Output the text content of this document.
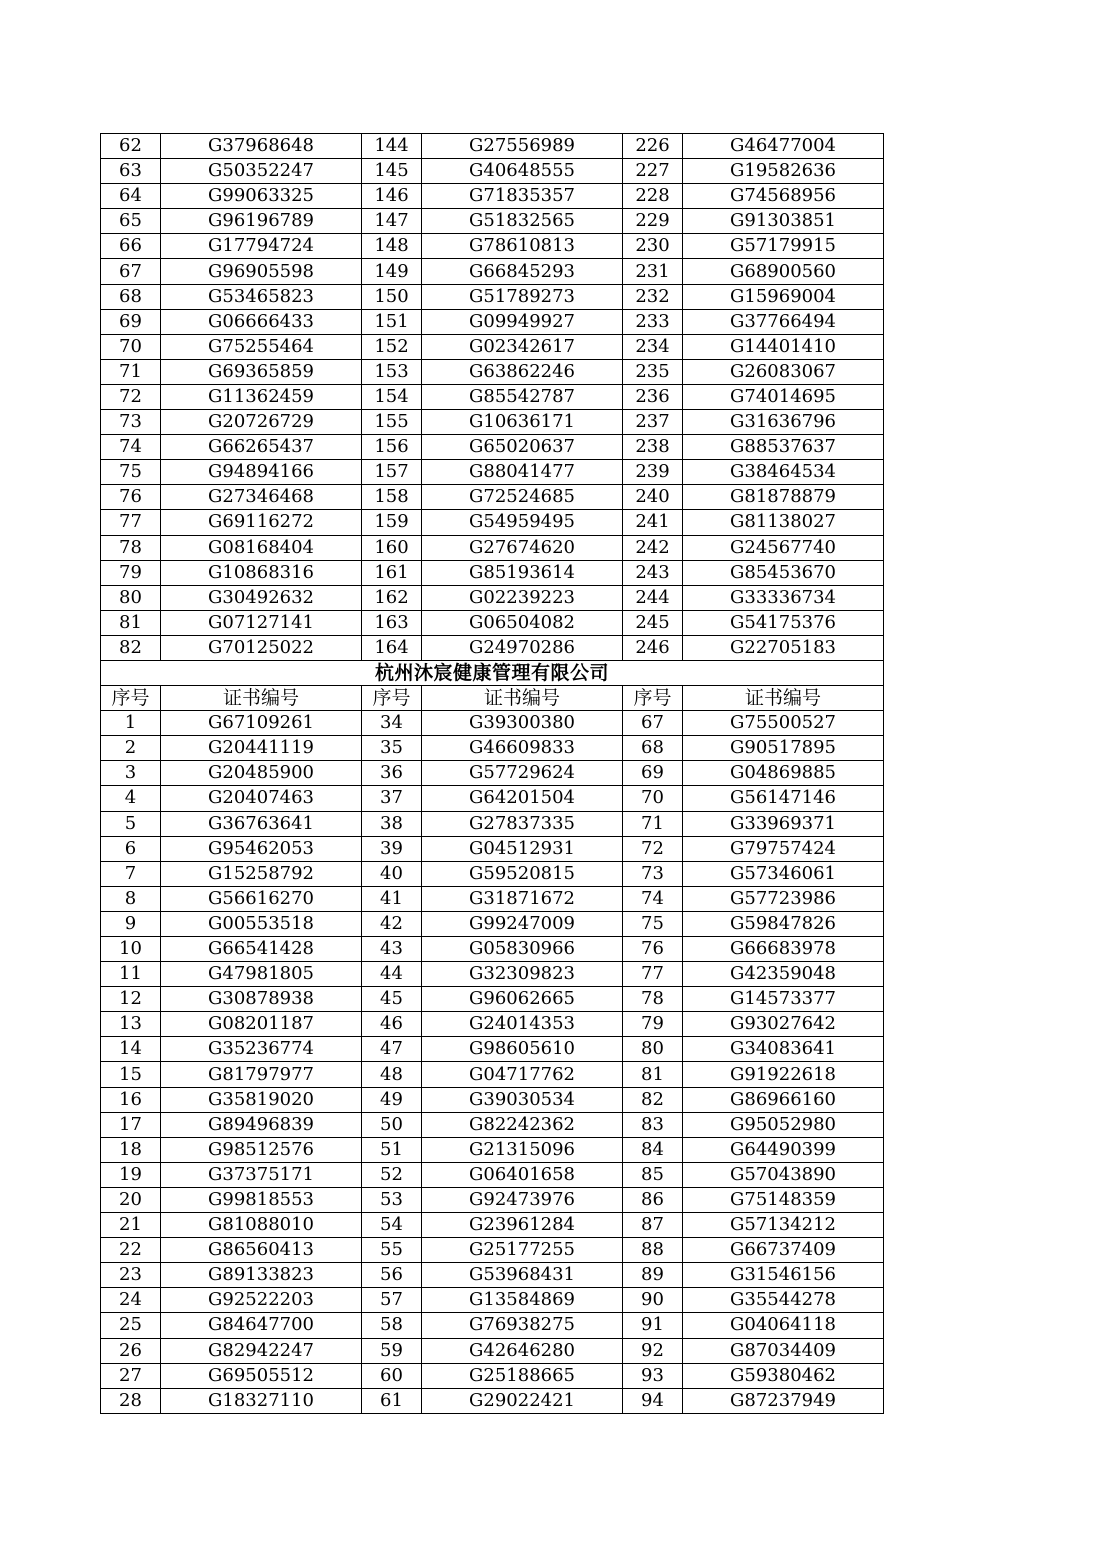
62	G37968648	144	G27556989	226	G46477004
63	G50352247	145	G40648555	227	G19582636
64	G99063325	146	G71835357	228	G74568956
65	G96196789	147	G51832565	229	G91303851
66	G17794724	148	G78610813	230	G57179915
67	G96905598	149	G66845293	231	G68900560
68	G53465823	150	G51789273	232	G15969004
69	G06666433	151	G09949927	233	G37766494
70	G75255464	152	G02342617	234	G14401410
71	G69365859	153	G63862246	235	G26083067
72	G11362459	154	G85542787	236	G74014695
73	G20726729	155	G10636171	237	G31636796
74	G66265437	156	G65020637	238	G88537637
75	G94894166	157	G88041477	239	G38464534
76	G27346468	158	G72524685	240	G81878879
77	G69116272	159	G54959495	241	G81138027
78	G08168404	160	G27674620	242	G24567740
79	G10868316	161	G85193614	243	G85453670
80	G30492632	162	G02239223	244	G33336734
81	G07127141	163	G06504082	245	G54175376
82	G70125022	164	G24970286	246	G22705183
杭州沐宸健康管理有限公司					
序号	证书编号	序号	证书编号	序号	证书编号
1	G67109261	34	G39300380	67	G75500527
2	G20441119	35	G46609833	68	G90517895
3	G20485900	36	G57729624	69	G04869885
4	G20407463	37	G64201504	70	G56147146
5	G36763641	38	G27837335	71	G33969371
6	G95462053	39	G04512931	72	G79757424
7	G15258792	40	G59520815	73	G57346061
8	G56616270	41	G31871672	74	G57723986
9	G00553518	42	G99247009	75	G59847826
10	G66541428	43	G05830966	76	G66683978
11	G47981805	44	G32309823	77	G42359048
12	G30878938	45	G96062665	78	G14573377
13	G08201187	46	G24014353	79	G93027642
14	G35236774	47	G98605610	80	G34083641
15	G81797977	48	G04717762	81	G91922618
16	G35819020	49	G39030534	82	G86966160
17	G89496839	50	G82242362	83	G95052980
18	G98512576	51	G21315096	84	G64490399
19	G37375171	52	G06401658	85	G57043890
20	G99818553	53	G92473976	86	G75148359
21	G81088010	54	G23961284	87	G57134212
22	G86560413	55	G25177255	88	G66737409
23	G89133823	56	G53968431	89	G31546156
24	G92522203	57	G13584869	90	G35544278
25	G84647700	58	G76938275	91	G04064118
26	G82942247	59	G42646280	92	G87034409
27	G69505512	60	G25188665	93	G59380462
28	G18327110	61	G29022421	94	G87237949
